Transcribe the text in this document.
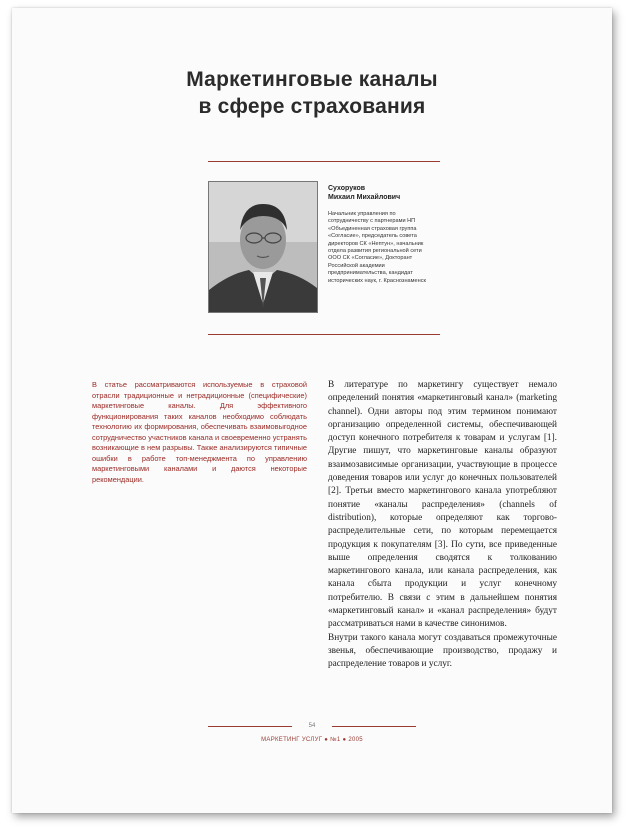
Маркетинговые каналы
в сфере страхования
Сухоруков
Михаил Михайлович
Начальник управления по сотрудничеству с партнерами НП «Объединенная страховая группа «Согласие», председатель совета директоров СК «Нептун», начальник отдела развития региональной сети ООО СК «Согласие», Докторант Российской академии предпринимательства, кандидат исторических наук, г. Краснознаменск
В статье рассматриваются используемые в страховой отрасли традиционные и нетрадиционные (специфические) маркетинговые каналы. Для эффективного функционирования таких каналов необходимо соблюдать технологию их формирования, обеспечивать взаимовыгодное сотрудничество участников канала и своевременно устранять возникающие в нем разрывы. Также анализируются типичные ошибки в работе топ-менеджмента по управлению маркетинговыми каналами и даются некоторые рекомендации.
В литературе по маркетингу существует немало определений понятия «маркетинговый канал» (marketing channel). Одни авторы под этим термином понимают организацию определенной системы, обеспечивающей доступ конечного потребителя к товарам и услугам [1]. Другие пишут, что маркетинговые каналы образуют взаимозависимые организации, участвующие в процессе доведения товаров или услуг до конечных пользователей [2]. Третьи вместо маркетингового канала употребляют понятие «каналы распределения» (channels of distribution), которые определяют как торгово-распределительные сети, по которым перемещается продукция к покупателям [3]. По сути, все приведенные выше определения сводятся к толкованию маркетингового канала, или канала распределения, как канала сбыта продукции и услуг конечному потребителю. В связи с этим в дальнейшем понятия «маркетинговый канал» и «канал распределения» будут рассматриваться нами в качестве синонимов.
Внутри такого канала могут создаваться промежуточные звенья, обеспечивающие производство, продажу и распределение товаров и услуг.
54
МАРКЕТИНГ УСЛУГ ● №1 ● 2005
